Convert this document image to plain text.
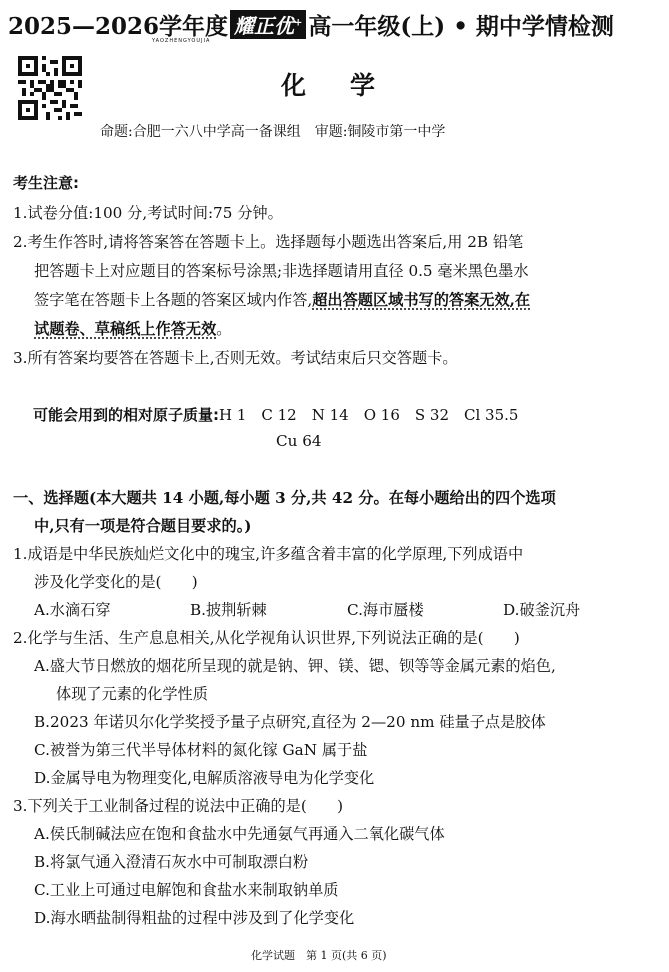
2025—2026学年度 耀正优+ 高一年级(上) • 期中学情检测
YAOZHENGYOUJIA
化学
命题:合肥一六八中学高一备课组　审题:铜陵市第一中学
考生注意:
1.试卷分值:100 分,考试时间:75 分钟。
2.考生作答时,请将答案答在答题卡上。选择题每小题选出答案后,用 2B 铅笔
把答题卡上对应题目的答案标号涂黑;非选择题请用直径 0.5 毫米黑色墨水
签字笔在答题卡上各题的答案区域内作答,超出答题区域书写的答案无效,在
试题卷、草稿纸上作答无效。
3.所有答案均要答在答题卡上,否则无效。考试结束后只交答题卡。
可能会用到的相对原子质量:H 1　C 12　N 14　O 16　S 32　Cl 35.5
Cu 64
一、选择题(本大题共 14 小题,每小题 3 分,共 42 分。在每小题给出的四个选项
中,只有一项是符合题目要求的。)
1.成语是中华民族灿烂文化中的瑰宝,许多蕴含着丰富的化学原理,下列成语中
涉及化学变化的是(　　)
A.水滴石穿	B.披荆斩棘	C.海市蜃楼	D.破釜沉舟
2.化学与生活、生产息息相关,从化学视角认识世界,下列说法正确的是(　　)
A.盛大节日燃放的烟花所呈现的就是钠、钾、镁、锶、钡等等金属元素的焰色,
体现了元素的化学性质
B.2023 年诺贝尔化学奖授予量子点研究,直径为 2—20 nm 硅量子点是胶体
C.被誉为第三代半导体材料的氮化镓 GaN 属于盐
D.金属导电为物理变化,电解质溶液导电为化学变化
3.下列关于工业制备过程的说法中正确的是(　　)
A.侯氏制碱法应在饱和食盐水中先通氨气再通入二氧化碳气体
B.将氯气通入澄清石灰水中可制取漂白粉
C.工业上可通过电解饱和食盐水来制取钠单质
D.海水晒盐制得粗盐的过程中涉及到了化学变化
化学试题　第 1 页(共 6 页)
